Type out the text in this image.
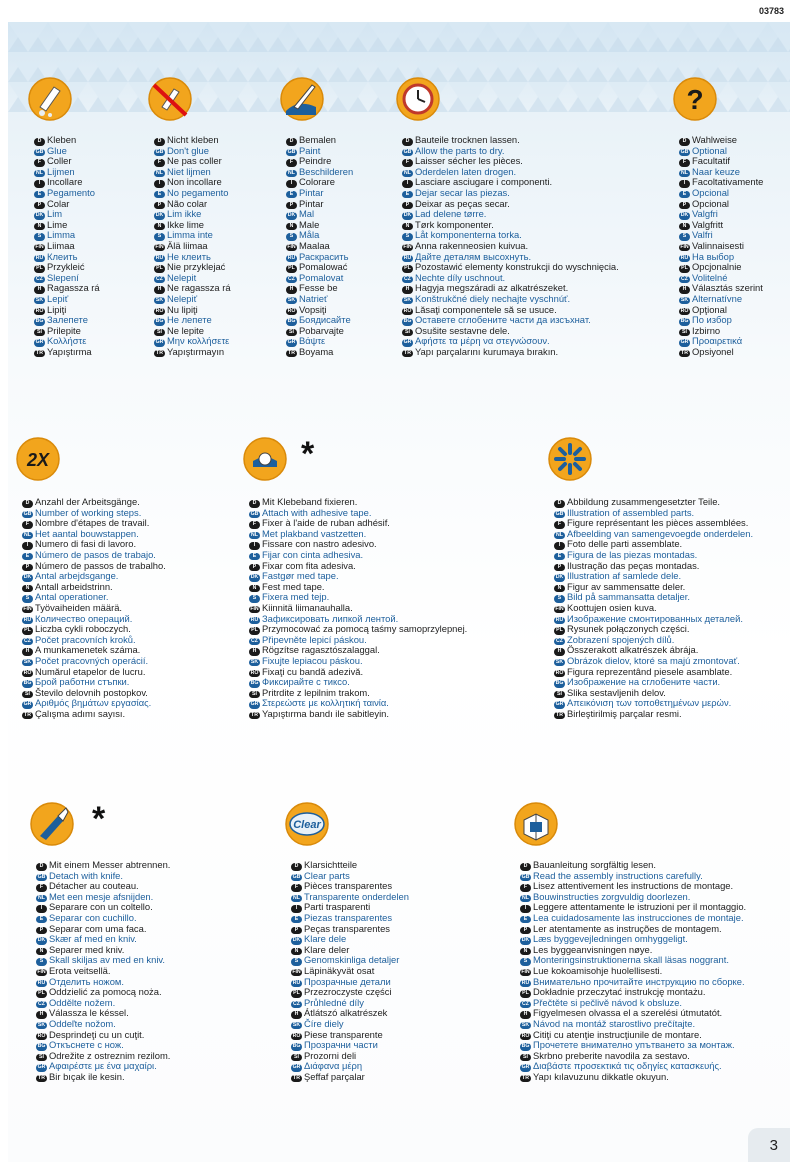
03783
D Kleben
GB Glue
F Coller
NL Lijmen
I Incollare
E Pegamento
P Colar
DK Lim
N Lime
S Limma
FIN Liimaa
RU Клеить
PL Przykleić
CZ Slepení
H Ragassza rá
SK Lepiť
RO Lipiţi
BG Залепете
SI Prilepite
GR Κολλήστε
TR Yapıştırma
D Nicht kleben
GB Don't glue
F Ne pas coller
NL Niet lijmen
I Non incollare
E No pegamento
P Não colar
DK Lim ikke
N Ikke lime
S Limma inte
FIN Älä liimaa
RU Не клеить
PL Nie przyklejać
CZ Nelepit
H Ne ragassza rá
SK Nelepiť
RO Nu lipiţi
BG Не лепете
SI Ne lepite
GR Μην κολλήσετε
TR Yapıştırmayın
D Bemalen
GB Paint
F Peindre
NL Beschilderen
I Colorare
E Pintar
P Pintar
DK Mal
N Male
S Måla
FIN Maalaa
RU Раскрасить
PL Pomalować
CZ Pomalovat
H Fesse be
SK Natrieť
RO Vopsiţi
BG Боядисайте
SI Pobarvajte
GR Βάψτε
TR Boyama
D Bauteile trocknen lassen.
GB Allow the parts to dry.
F Laisser sécher les pièces.
NL Oderdelen laten drogen.
I Lasciare asciugare i componenti.
E Dejar secar las piezas.
P Deixar as peças secar.
DK Lad delene tørre.
N Tørk komponenter.
S Låt komponenterna torka.
FIN Anna rakenneosien kuivua.
RU Дайте деталям высохнуть.
PL Pozostawić elementy konstrukcji do wyschnięcia.
CZ Nechte díly uschnout.
H Hagyja megszáradi az alkatrészeket.
SK Konštrukčné diely nechajte vyschnúť.
RO Lăsaţi componentele să se usuce.
BG Оставете сглобените части да изсъхнат.
SI Osušite sestavne dele.
GR Αφήστε τα μέρη να στεγνώσουν.
TR Yapı parçalarını kurumaya bırakın.
?
D Wahlweise
GB Optional
F Facultatif
NL Naar keuze
I Facoltativamente
E Opcional
P Opcional
DK Valgfri
N Valgfritt
S Valfri
FIN Valinnaisesti
RU На выбор
PL Opcjonalnie
CZ Volitelné
H Választás szerint
SK Alternatívne
RO Opţional
BG По избор
SI Izbirno
GR Προαιρετικά
TR Opsiyonel
2X
D Anzahl der Arbeitsgänge.
GB Number of working steps.
F Nombre d'étapes de travail.
NL Het aantal bouwstappen.
I Numero di fasi di lavoro.
E Número de pasos de trabajo.
P Número de passos de trabalho.
DK Antal arbejdsgange.
N Antall arbeidstrinn.
S Antal operationer.
FIN Työvaiheiden määrä.
RU Количество операций.
PL Liczba cykli roboczych.
CZ Počet pracovních kroků.
H A munkamenetek száma.
SK Počet pracovných operácií.
RO Numărul etapelor de lucru.
BG Брой работни стъпки.
SI Število delovnih postopkov.
GR Αριθμός βημάτων εργασίας.
TR Çalışma adımı sayısı.
*
D Mit Klebeband fixieren.
GB Attach with adhesive tape.
F Fixer à l'aide de ruban adhésif.
NL Met plakband vastzetten.
I Fissare con nastro adesivo.
E Fijar con cinta adhesiva.
P Fixar com fita adesiva.
DK Fastgør med tape.
N Fest med tape.
S Fixera med tejp.
FIN Kiinnitä liimanauhalla.
RU Зафиксировать липкой лентой.
PL Przymocować za pomocą taśmy samoprzylepnej.
CZ Připevněte lepicí páskou.
H Rögzítse ragasztószalaggal.
SK Fixujte lepiacou páskou.
RO Fixaţi cu bandă adezivă.
BG Фиксирайте с тиксо.
SI Pritrdite z lepilnim trakom.
GR Στερεώστε με κολλητική ταινία.
TR Yapıştırma bandı ile sabitleyin.
D Abbildung zusammengesetzter Teile.
GB Illustration of assembled parts.
F Figure représentant les pièces assemblées.
NL Afbeelding van samengevoegde onderdelen.
I Foto delle parti assemblate.
E Figura de las piezas montadas.
P Ilustração das peças montadas.
DK Illustration af samlede dele.
N Figur av sammensatte deler.
S Bild på sammansatta detaljer.
FIN Koottujen osien kuva.
RU Изображение смонтированных деталей.
PL Rysunek połączonych części.
CZ Zobrazení spojených dílů.
H Összerakott alkatrészek ábrája.
SK Obrázok dielov, ktoré sa majú zmontovať.
RO Figura reprezentând piesele asamblate.
BG Изображение на сглобените части.
SI Slika sestavljenih delov.
GR Απεικόνιση των τοποθετημένων μερών.
TR Birleştirilmiş parçalar resmi.
*
D Mit einem Messer abtrennen.
GB Detach with knife.
F Détacher au couteau.
NL Met een mesje afsnijden.
I Separare con un coltello.
E Separar con cuchillo.
P Separar com uma faca.
DK Skær af med en kniv.
N Separer med kniv.
S Skall skiljas av med en kniv.
FIN Erota veitsellä.
RU Отделить ножом.
PL Oddzielić za pomocą noża.
CZ Oddělte nožem.
H Válassza le késsel.
SK Oddeľte nožom.
RO Desprindeţi cu un cuţit.
BG Откъснете с нож.
SI Odrežite z ostreznim rezilom.
GR Αφαιρέστε με ένα μαχαίρι.
TR Bir bıçak ile kesin.
Clear
D Klarsichtteile
GB Clear parts
F Pièces transparentes
NL Transparente onderdelen
I Parti trasparenti
E Piezas transparentes
P Peças transparentes
DK Klare dele
N Klare deler
S Genomskinliga detaljer
FIN Läpinäkyvät osat
RU Прозрачные детали
PL Przezroczyste części
CZ Průhledné díly
H Átlátszó alkatrészek
SK Číre diely
RO Piese transparente
BG Прозрачни части
SI Prozorni deli
GR Διάφανα μέρη
TR Şeffaf parçalar
D Bauanleitung sorgfältig lesen.
GB Read the assembly instructions carefully.
F Lisez attentivement les instructions de montage.
NL Bouwinstructies zorgvuldig doorlezen.
I Leggere attentamente le istruzioni per il montaggio.
E Lea cuidadosamente las instrucciones de montaje.
P Ler atentamente as instruções de montagem.
DK Læs byggevejledningen omhyggeligt.
N Les byggeanvisningen nøye.
S Monteringsinstruktionerna skall läsas noggrant.
FIN Lue kokoamisohje huolellisesti.
RU Внимательно прочитайте инструкцию по сборке.
PL Dokładnie przeczytać instrukcję montażu.
CZ Přečtěte si pečlivě návod k obsluze.
H Figyelmesen olvassa el a szerelési útmutatót.
SK Návod na montáž starostlivo prečítajte.
RO Citiţi cu atenţie instrucţiunile de montare.
BG Прочетете внимателно упътването за монтаж.
SI Skrbno preberite navodila za sestavo.
GR Διαβάστε προσεκτικά τις οδηγίες κατασκευής.
TR Yapı kılavuzunu dikkatle okuyun.
3
